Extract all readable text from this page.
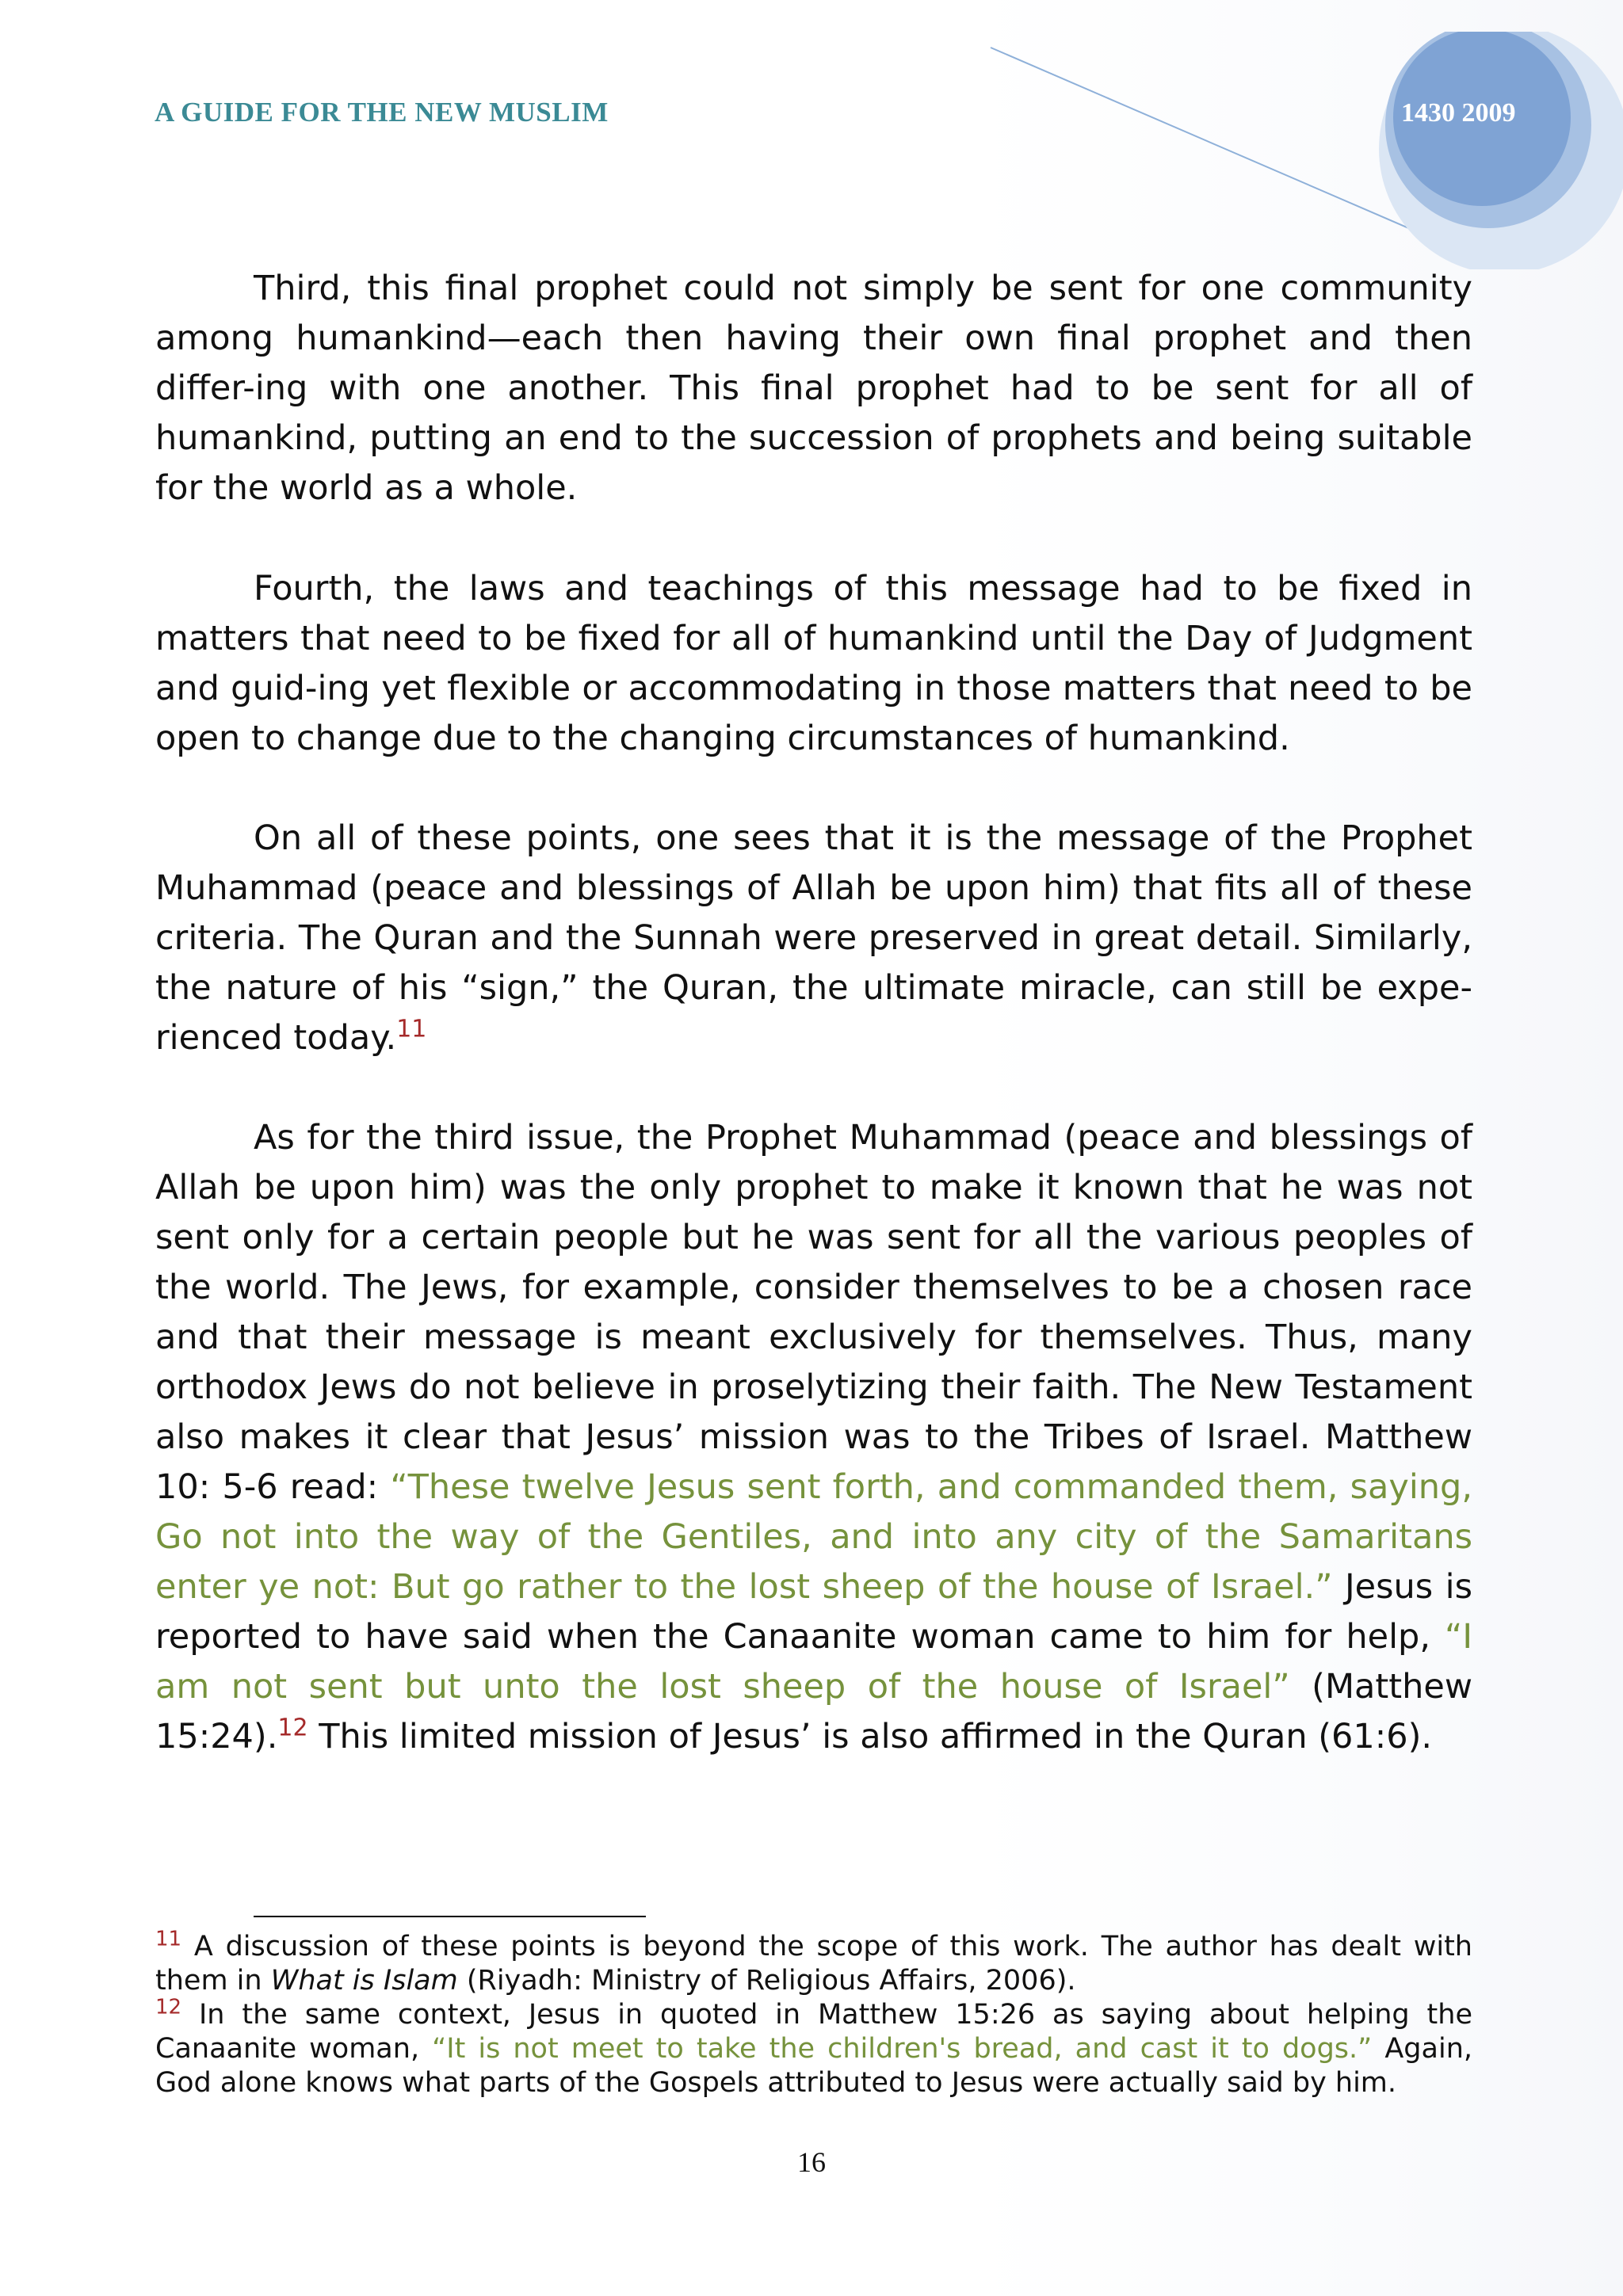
A GUIDE FOR THE NEW MUSLIM	1430 2009

Third, this final prophet could not simply be sent for one community among humankind—each then having their own final prophet and then differ-ing with one another. This final prophet had to be sent for all of humankind, putting an end to the succession of prophets and being suitable for the world as a whole.

Fourth, the laws and teachings of this message had to be fixed in matters that need to be fixed for all of humankind until the Day of Judgment and guid-ing yet flexible or accommodating in those matters that need to be open to change due to the changing circumstances of humankind.

On all of these points, one sees that it is the message of the Prophet Muhammad (peace and blessings of Allah be upon him) that fits all of these criteria. The Quran and the Sunnah were preserved in great detail. Similarly, the nature of his “sign,” the Quran, the ultimate miracle, can still be expe-rienced today.$^{11}$

As for the third issue, the Prophet Muhammad (peace and blessings of Allah be upon him) was the only prophet to make it known that he was not sent only for a certain people but he was sent for all the various peoples of the world. The Jews, for example, consider themselves to be a chosen race and that their message is meant exclusively for themselves. Thus, many orthodox Jews do not believe in proselytizing their faith. The New Testament also makes it clear that Jesus’ mission was to the Tribes of Israel. Matthew 10: 5-6 read: “These twelve Jesus sent forth, and commanded them, saying, Go not into the way of the Gentiles, and into any city of the Samaritans enter ye not: But go rather to the lost sheep of the house of Israel.” Jesus is reported to have said when the Canaanite woman came to him for help, “I am not sent but unto the lost sheep of the house of Israel” (Matthew 15:24).$^{12}$ This limited mission of Jesus’ is also affirmed in the Quran (61:6).

$^{11}$ A discussion of these points is beyond the scope of this work. The author has dealt with them in What is Islam (Riyadh: Ministry of Religious Affairs, 2006).

$^{12}$ In the same context, Jesus in quoted in Matthew 15:26 as saying about helping the Canaanite woman, “It is not meet to take the children's bread, and cast it to dogs.” Again, God alone knows what parts of the Gospels attributed to Jesus were actually said by him.

16
